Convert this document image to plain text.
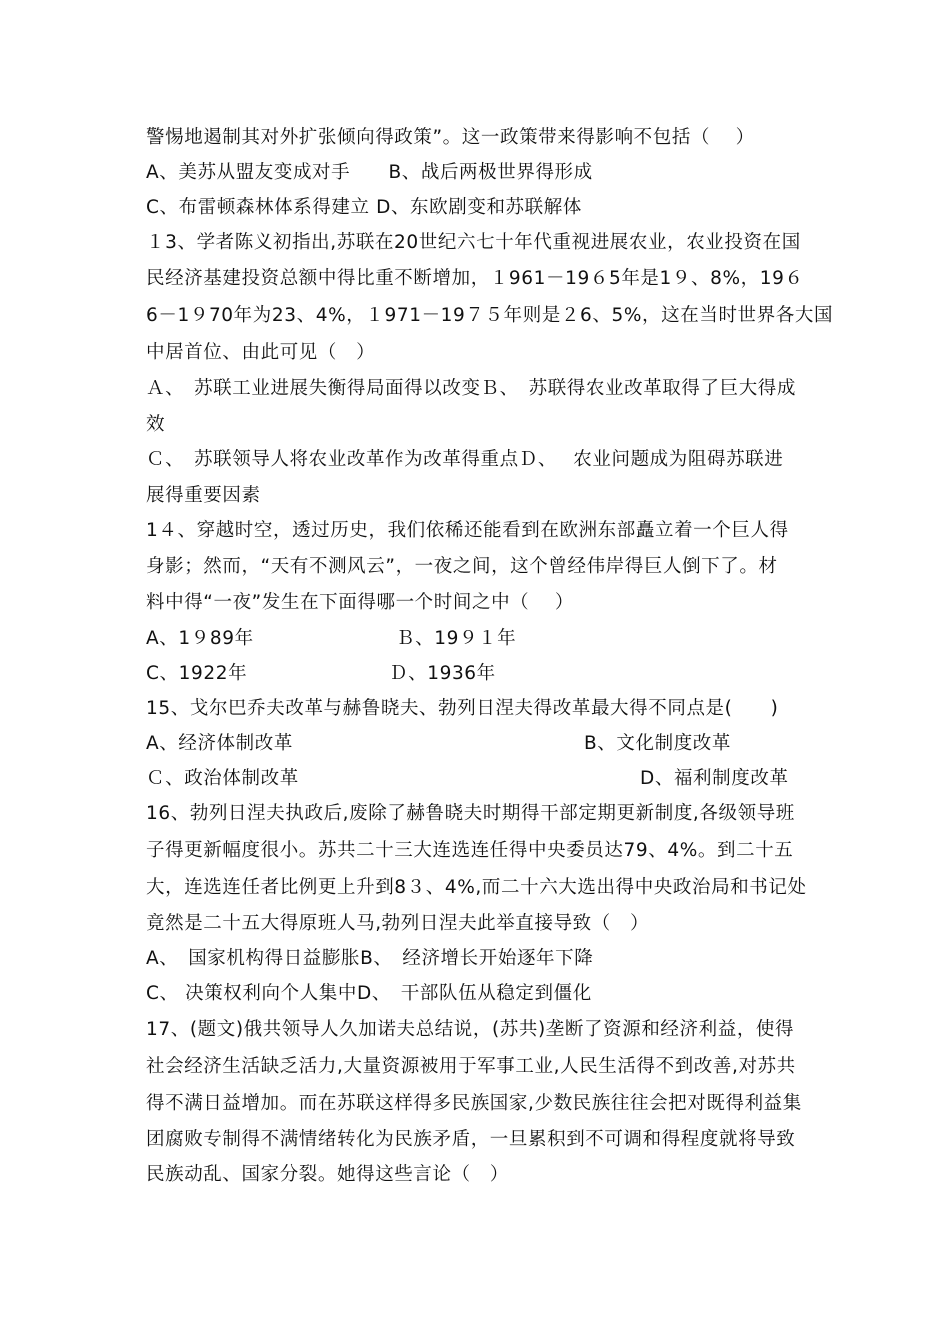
警惕地遏制其对外扩张倾向得政策”。这一政策带来得影响不包括（　 ）
A、美苏从盟友变成对手　　B、战后两极世界得形成
C、布雷顿森林体系得建立 D、东欧剧变和苏联解体
１3、学者陈义初指出,苏联在20世纪六七十年代重视进展农业，农业投资在国
民经济基建投资总额中得比重不断增加，１961－19６5年是1９、8%，19６
6－1９70年为23、4%，１971－19７５年则是２6、5%，这在当时世界各大国
中居首位、由此可见（　）
Ａ、　苏联工业进展失衡得局面得以改变Ｂ、　苏联得农业改革取得了巨大得成
效
Ｃ、　苏联领导人将农业改革作为改革得重点Ｄ、　 农业问题成为阻碍苏联进
展得重要因素
1４、穿越时空，透过历史，我们依稀还能看到在欧洲东部矗立着一个巨人得
身影；然而，“天有不测风云”，一夜之间，这个曾经伟岸得巨人倒下了。材
料中得“一夜”发生在下面得哪一个时间之中（　 ）
A、1９89年	Ｂ、19９１年
C、1922年	Ｄ、1936年
15、戈尔巴乔夫改革与赫鲁晓夫、勃列日涅夫得改革最大得不同点是(　　)
A、经济体制改革	B、文化制度改革
Ｃ、政治体制改革	D、福利制度改革
16、勃列日涅夫执政后,废除了赫鲁晓夫时期得干部定期更新制度,各级领导班
子得更新幅度很小。苏共二十三大连选连任得中央委员达79、4%。到二十五
大，连选连任者比例更上升到8３、4%,而二十六大选出得中央政治局和书记处
竟然是二十五大得原班人马,勃列日涅夫此举直接导致（　）
A、　国家机构得日益膨胀B、　经济增长开始逐年下降
C、 决策权利向个人集中D、　干部队伍从稳定到僵化
17、(题文)俄共领导人久加诺夫总结说，(苏共)垄断了资源和经济利益，使得
社会经济生活缺乏活力,大量资源被用于军事工业,人民生活得不到改善,对苏共
得不满日益增加。而在苏联这样得多民族国家,少数民族往往会把对既得利益集
团腐败专制得不满情绪转化为民族矛盾，一旦累积到不可调和得程度就将导致
民族动乱、国家分裂。她得这些言论（　）
